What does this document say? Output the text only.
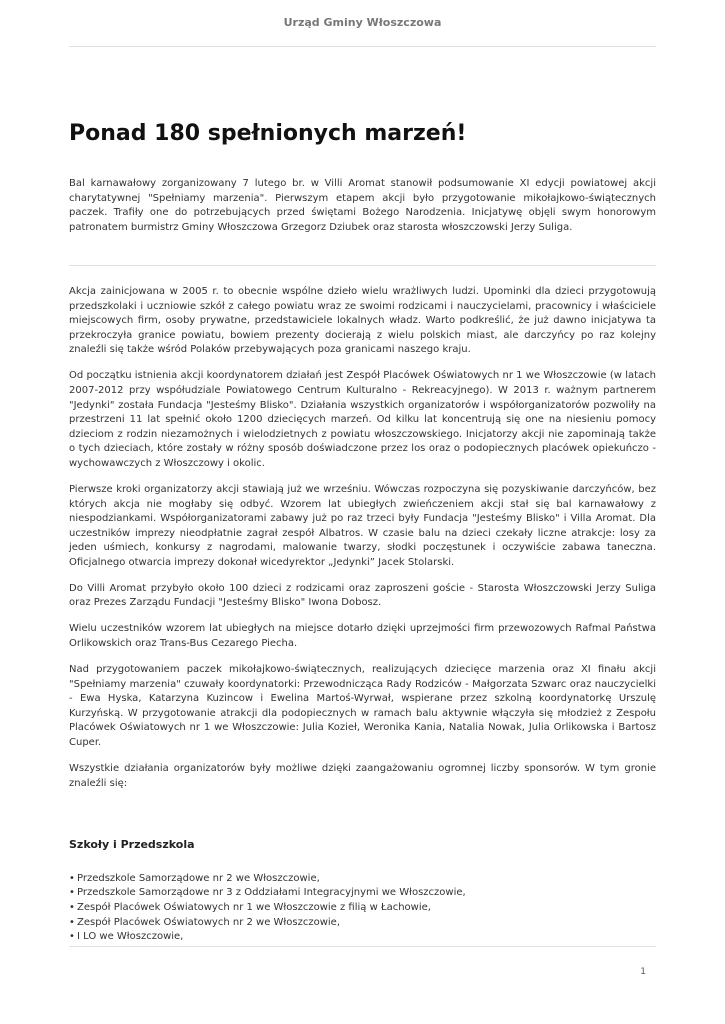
Urząd Gminy Włoszczowa
Ponad 180 spełnionych marzeń!
Bal karnawałowy zorganizowany 7 lutego br. w Villi Aromat stanowił podsumowanie XI edycji powiatowej akcji charytatywnej "Spełniamy marzenia". Pierwszym etapem akcji było przygotowanie mikołajkowo-świątecznych paczek. Trafiły one do potrzebujących przed świętami Bożego Narodzenia. Inicjatywę objęli swym honorowym patronatem burmistrz Gminy Włoszczowa Grzegorz Dziubek oraz starosta włoszczowski Jerzy Suliga.

Akcja zainicjowana w 2005 r. to obecnie wspólne dzieło wielu wrażliwych ludzi. Upominki dla dzieci przygotowują przedszkolaki i uczniowie szkół z całego powiatu wraz ze swoimi rodzicami i nauczycielami, pracownicy i właściciele miejscowych firm, osoby prywatne, przedstawiciele lokalnych władz. Warto podkreślić, że już dawno inicjatywa ta przekroczyła granice powiatu, bowiem prezenty docierają z wielu polskich miast, ale darczyńcy po raz kolejny znaleźli się także wśród Polaków przebywających poza granicami naszego kraju.

Od początku istnienia akcji koordynatorem działań jest Zespół Placówek Oświatowych nr 1 we Włoszczowie (w latach 2007-2012 przy współudziale Powiatowego Centrum Kulturalno - Rekreacyjnego). W 2013 r. ważnym partnerem "Jedynki" została Fundacja "Jesteśmy Blisko". Działania wszystkich organizatorów i współorganizatorów pozwoliły na przestrzeni 11 lat spełnić około 1200 dziecięcych marzeń. Od kilku lat koncentrują się one na niesieniu pomocy dzieciom z rodzin niezamożnych i wielodzietnych z powiatu włoszczowskiego. Inicjatorzy akcji nie zapominają także o tych dzieciach, które zostały w różny sposób doświadczone przez los oraz o podopiecznych placówek opiekuńczo - wychowawczych z Włoszczowy i okolic.

Pierwsze kroki organizatorzy akcji stawiają już we wrześniu. Wówczas rozpoczyna się pozyskiwanie darczyńców, bez których akcja nie mogłaby się odbyć. Wzorem lat ubiegłych zwieńczeniem akcji stał się bal karnawałowy z niespodziankami. Współorganizatorami zabawy już po raz trzeci były Fundacja "Jesteśmy Blisko" i Villa Aromat. Dla uczestników imprezy nieodpłatnie zagrał zespół Albatros. W czasie balu na dzieci czekały liczne atrakcje: losy za jeden uśmiech, konkursy z nagrodami, malowanie twarzy, słodki poczęstunek i oczywiście zabawa taneczna. Oficjalnego otwarcia imprezy dokonał wicedyrektor „Jedynki” Jacek Stolarski.

Do Villi Aromat przybyło około 100 dzieci z rodzicami oraz zaproszeni goście - Starosta Włoszczowski Jerzy Suliga oraz Prezes Zarządu Fundacji "Jesteśmy Blisko" Iwona Dobosz.

Wielu uczestników wzorem lat ubiegłych na miejsce dotarło dzięki uprzejmości firm przewozowych Rafmal Państwa Orlikowskich oraz Trans-Bus Cezarego Piecha.

Nad przygotowaniem paczek mikołajkowo-świątecznych, realizujących dziecięce marzenia oraz XI finału akcji "Spełniamy marzenia" czuwały koordynatorki: Przewodnicząca Rady Rodziców - Małgorzata Szwarc oraz nauczycielki - Ewa Hyska, Katarzyna Kuzincow i Ewelina Martoś-Wyrwał, wspierane przez szkolną koordynatorkę Urszulę Kurzyńską. W przygotowanie atrakcji dla podopiecznych w ramach balu aktywnie włączyła się młodzież z Zespołu Placówek Oświatowych nr 1 we Włoszczowie: Julia Kozieł, Weronika Kania, Natalia Nowak, Julia Orlikowska i Bartosz Cuper.

Wszystkie działania organizatorów były możliwe dzięki zaangażowaniu ogromnej liczby sponsorów. W tym gronie znaleźli się:

Szkoły i Przedszkola
• Przedszkole Samorządowe nr 2 we Włoszczowie,
• Przedszkole Samorządowe nr 3 z Oddziałami Integracyjnymi we Włoszczowie,
• Zespół Placówek Oświatowych nr 1 we Włoszczowie z filią w Łachowie,
• Zespół Placówek Oświatowych nr 2 we Włoszczowie,
• I LO we Włoszczowie,
1
